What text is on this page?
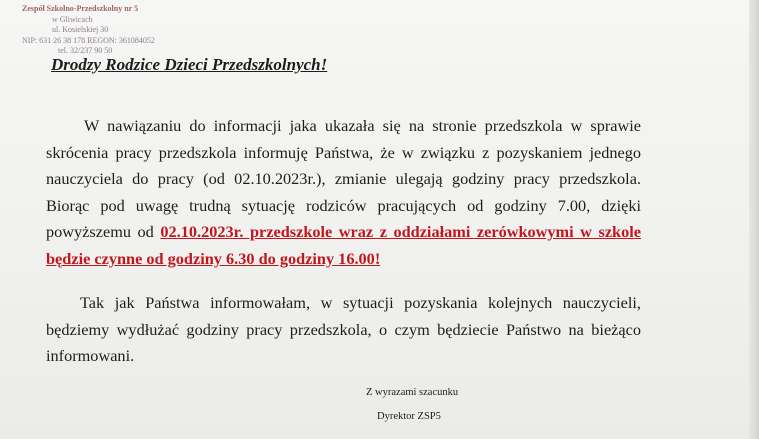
Zespół Szkolno-Przedszkolny nr 5
w Gliwicach
ul. Kosielskiej 30
NIP: 631 26 38 178 REGON: 361084052
tel. 32/237 90 50
Drodzy Rodzice Dzieci Przedszkolnych!

W nawiązaniu do informacji jaka ukazała się na stronie przedszkola w sprawie skrócenia pracy przedszkola informuję Państwa, że w związku z pozyskaniem jednego nauczyciela do pracy (od 02.10.2023r.), zmianie ulegają godziny pracy przedszkola. Biorąc pod uwagę trudną sytuację rodziców pracujących od godziny 7.00, dzięki powyższemu od 02.10.2023r. przedszkole wraz z oddziałami zerówkowymi w szkole będzie czynne od godziny 6.30 do godziny 16.00!

Tak jak Państwa informowałam, w sytuacji pozyskania kolejnych nauczycieli, będziemy wydłużać godziny pracy przedszkola, o czym będziecie Państwo na bieżąco informowani.

Z wyrazami szacunku
Dyrektor ZSP5
